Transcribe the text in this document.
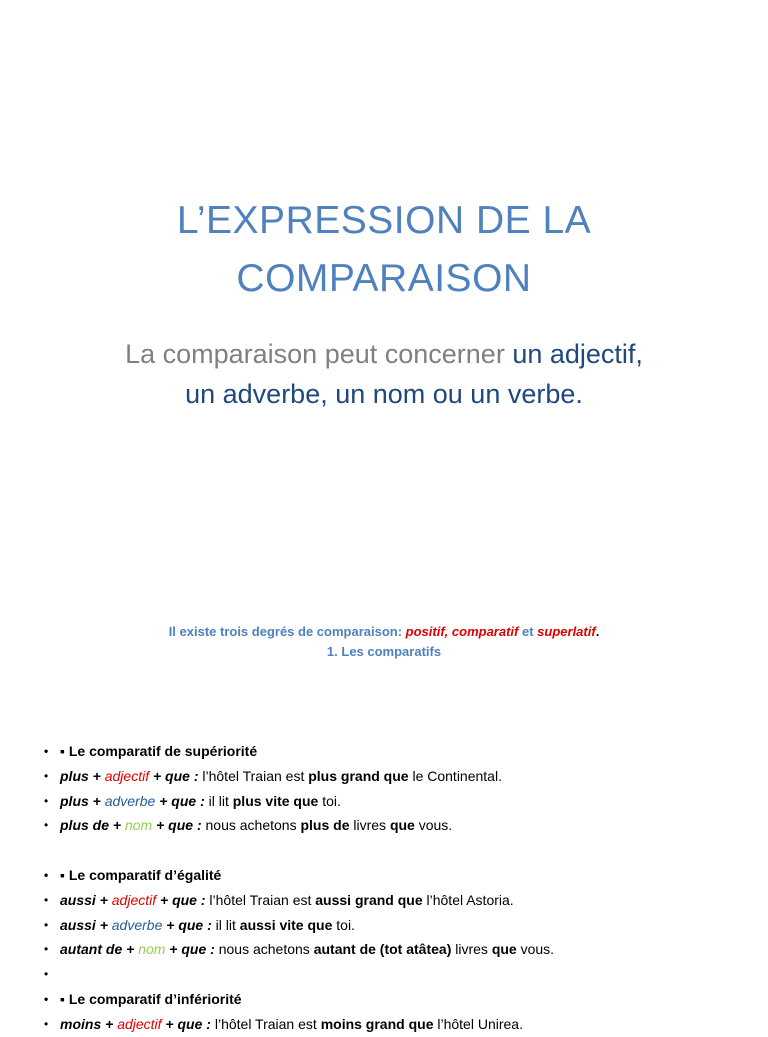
L’EXPRESSION DE LA
COMPARAISON
La comparaison peut concerner un adjectif, un adverbe, un nom ou un verbe.
Il existe trois degrés de comparaison: positif, comparatif et superlatif.
1. Les comparatifs
• ▪ Le comparatif de supériorité
• plus + adjectif + que : l’hôtel Traian est plus grand que le Continental.
• plus + adverbe + que : il lit plus vite que toi.
• plus de + nom + que : nous achetons plus de livres que vous.
• ▪ Le comparatif d’égalité
• aussi + adjectif + que : l’hôtel Traian est aussi grand que l’hôtel Astoria.
• aussi + adverbe + que : il lit aussi vite que toi.
• autant de + nom + que : nous achetons autant de (tot atâtea) livres que vous.
•
• ▪ Le comparatif d’infériorité
• moins + adjectif + que : l’hôtel Traian est moins grand que l’hôtel Unirea.
